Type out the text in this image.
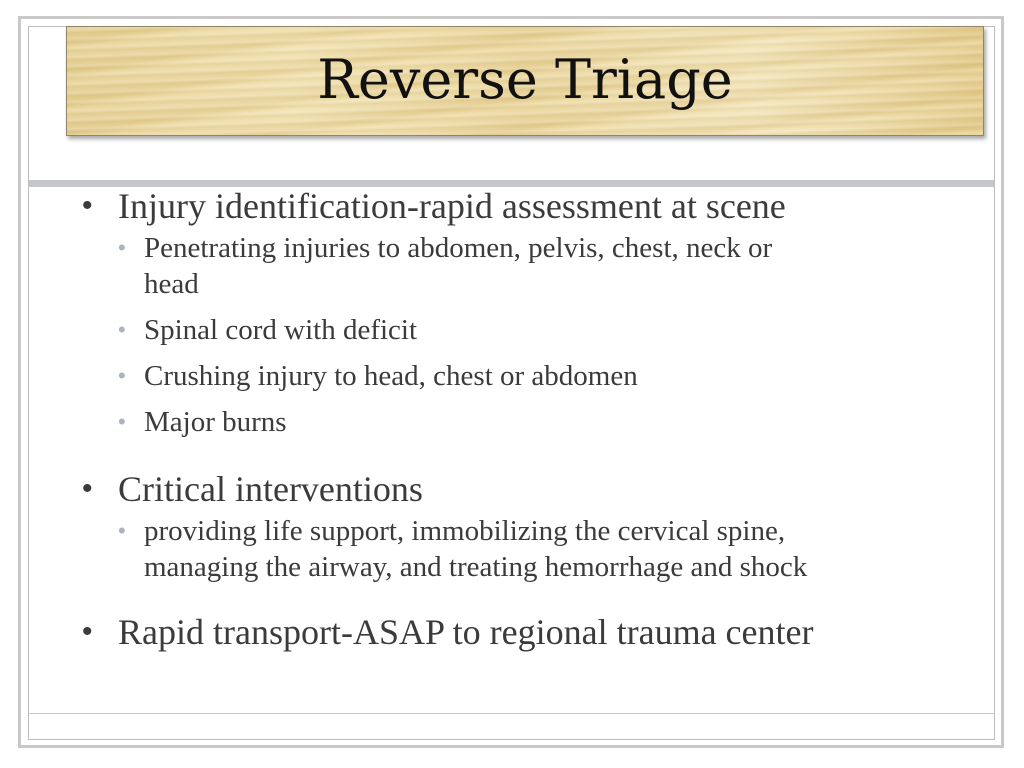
Reverse Triage
• Injury identification-rapid assessment at scene
• Penetrating injuries to abdomen, pelvis, chest, neck or
head
• Spinal cord with deficit
• Crushing injury to head, chest or abdomen
• Major burns
• Critical interventions
• providing life support, immobilizing the cervical spine,
managing the airway, and treating hemorrhage and shock
• Rapid transport-ASAP to regional trauma center
